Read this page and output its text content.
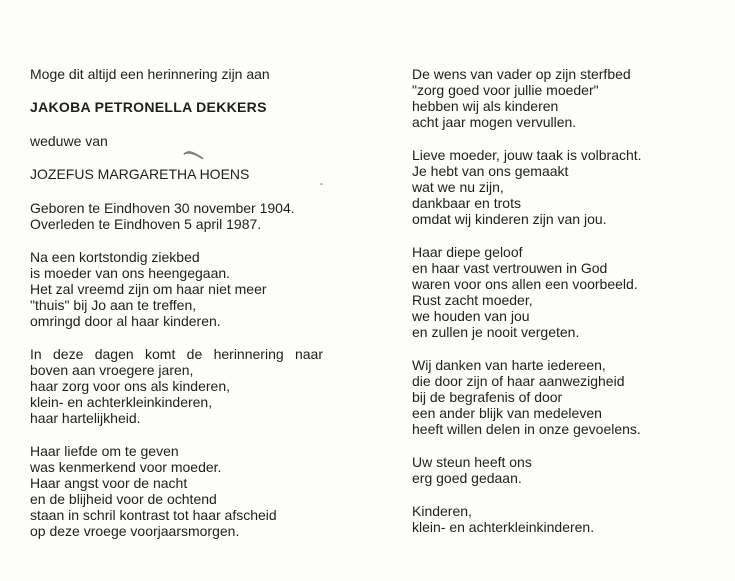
Moge dit altijd een herinnering zijn aan
JAKOBA PETRONELLA DEKKERS
weduwe van
JOZEFUS MARGARETHA HOENS
Geboren te Eindhoven 30 november 1904.
Overleden te Eindhoven 5 april 1987.
Na een kortstondig ziekbed
is moeder van ons heengegaan.
Het zal vreemd zijn om haar niet meer
"thuis" bij Jo aan te treffen,
omringd door al haar kinderen.
In deze dagen komt de herinnering naar
boven aan vroegere jaren,
haar zorg voor ons als kinderen,
klein- en achterkleinkinderen,
haar hartelijkheid.
Haar liefde om te geven
was kenmerkend voor moeder.
Haar angst voor de nacht
en de blijheid voor de ochtend
staan in schril kontrast tot haar afscheid
op deze vroege voorjaarsmorgen.
De wens van vader op zijn sterfbed
"zorg goed voor jullie moeder"
hebben wij als kinderen
acht jaar mogen vervullen.
Lieve moeder, jouw taak is volbracht.
Je hebt van ons gemaakt
wat we nu zijn,
dankbaar en trots
omdat wij kinderen zijn van jou.
Haar diepe geloof
en haar vast vertrouwen in God
waren voor ons allen een voorbeeld.
Rust zacht moeder,
we houden van jou
en zullen je nooit vergeten.
Wij danken van harte iedereen,
die door zijn of haar aanwezigheid
bij de begrafenis of door
een ander blijk van medeleven
heeft willen delen in onze gevoelens.
Uw steun heeft ons
erg goed gedaan.
Kinderen,
klein- en achterkleinkinderen.
